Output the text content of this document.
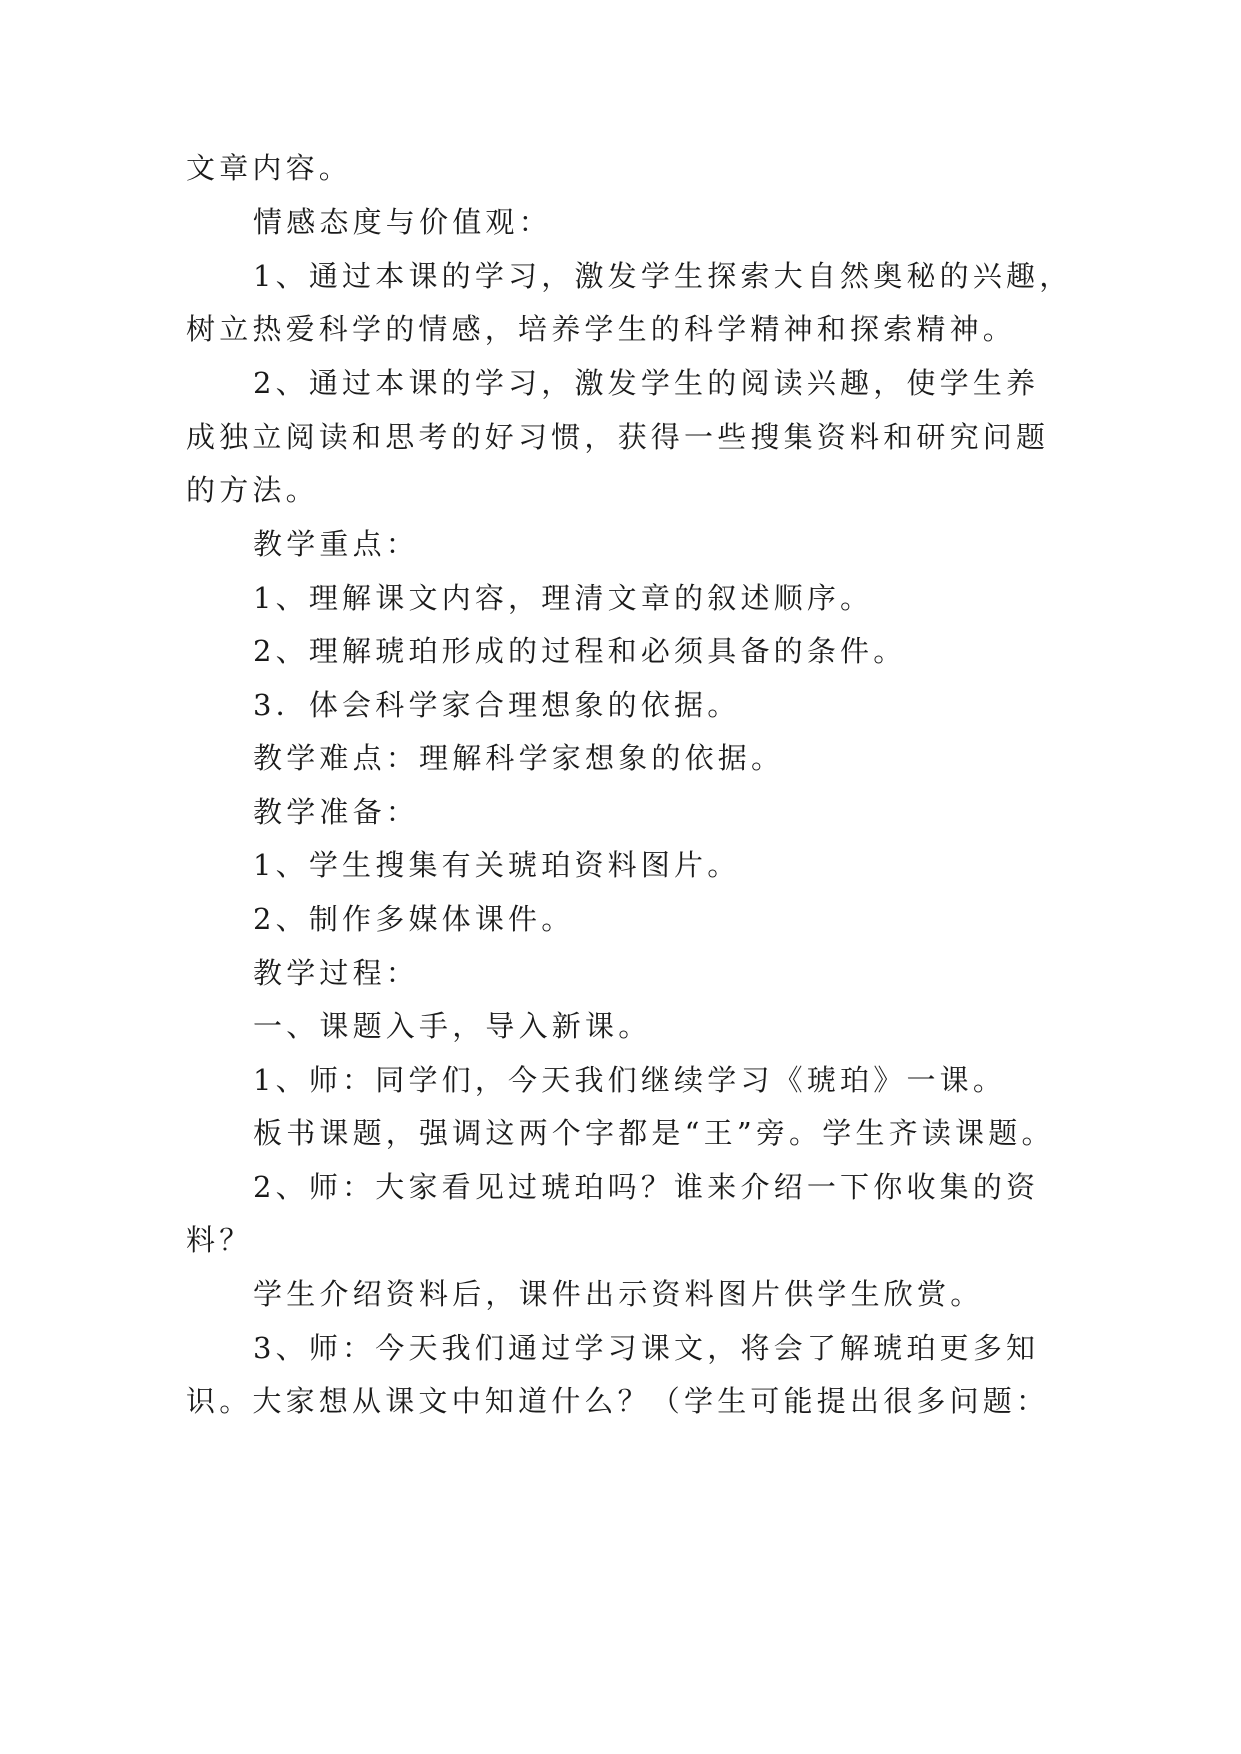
文章内容。
情感态度与价值观：
1、通过本课的学习，激发学生探索大自然奥秘的兴趣，
树立热爱科学的情感，培养学生的科学精神和探索精神。
2、通过本课的学习，激发学生的阅读兴趣，使学生养
成独立阅读和思考的好习惯，获得一些搜集资料和研究问题
的方法。
教学重点：
1、理解课文内容，理清文章的叙述顺序。
2、理解琥珀形成的过程和必须具备的条件。
3．体会科学家合理想象的依据。
教学难点：理解科学家想象的依据。
教学准备：
1、学生搜集有关琥珀资料图片。
2、制作多媒体课件。
教学过程：
一、课题入手，导入新课。
1、师：同学们，今天我们继续学习《琥珀》一课。
板书课题，强调这两个字都是“王”旁。学生齐读课题。
2、师：大家看见过琥珀吗？谁来介绍一下你收集的资
料？
学生介绍资料后，课件出示资料图片供学生欣赏。
3、师：今天我们通过学习课文，将会了解琥珀更多知
识。大家想从课文中知道什么？（学生可能提出很多问题：
